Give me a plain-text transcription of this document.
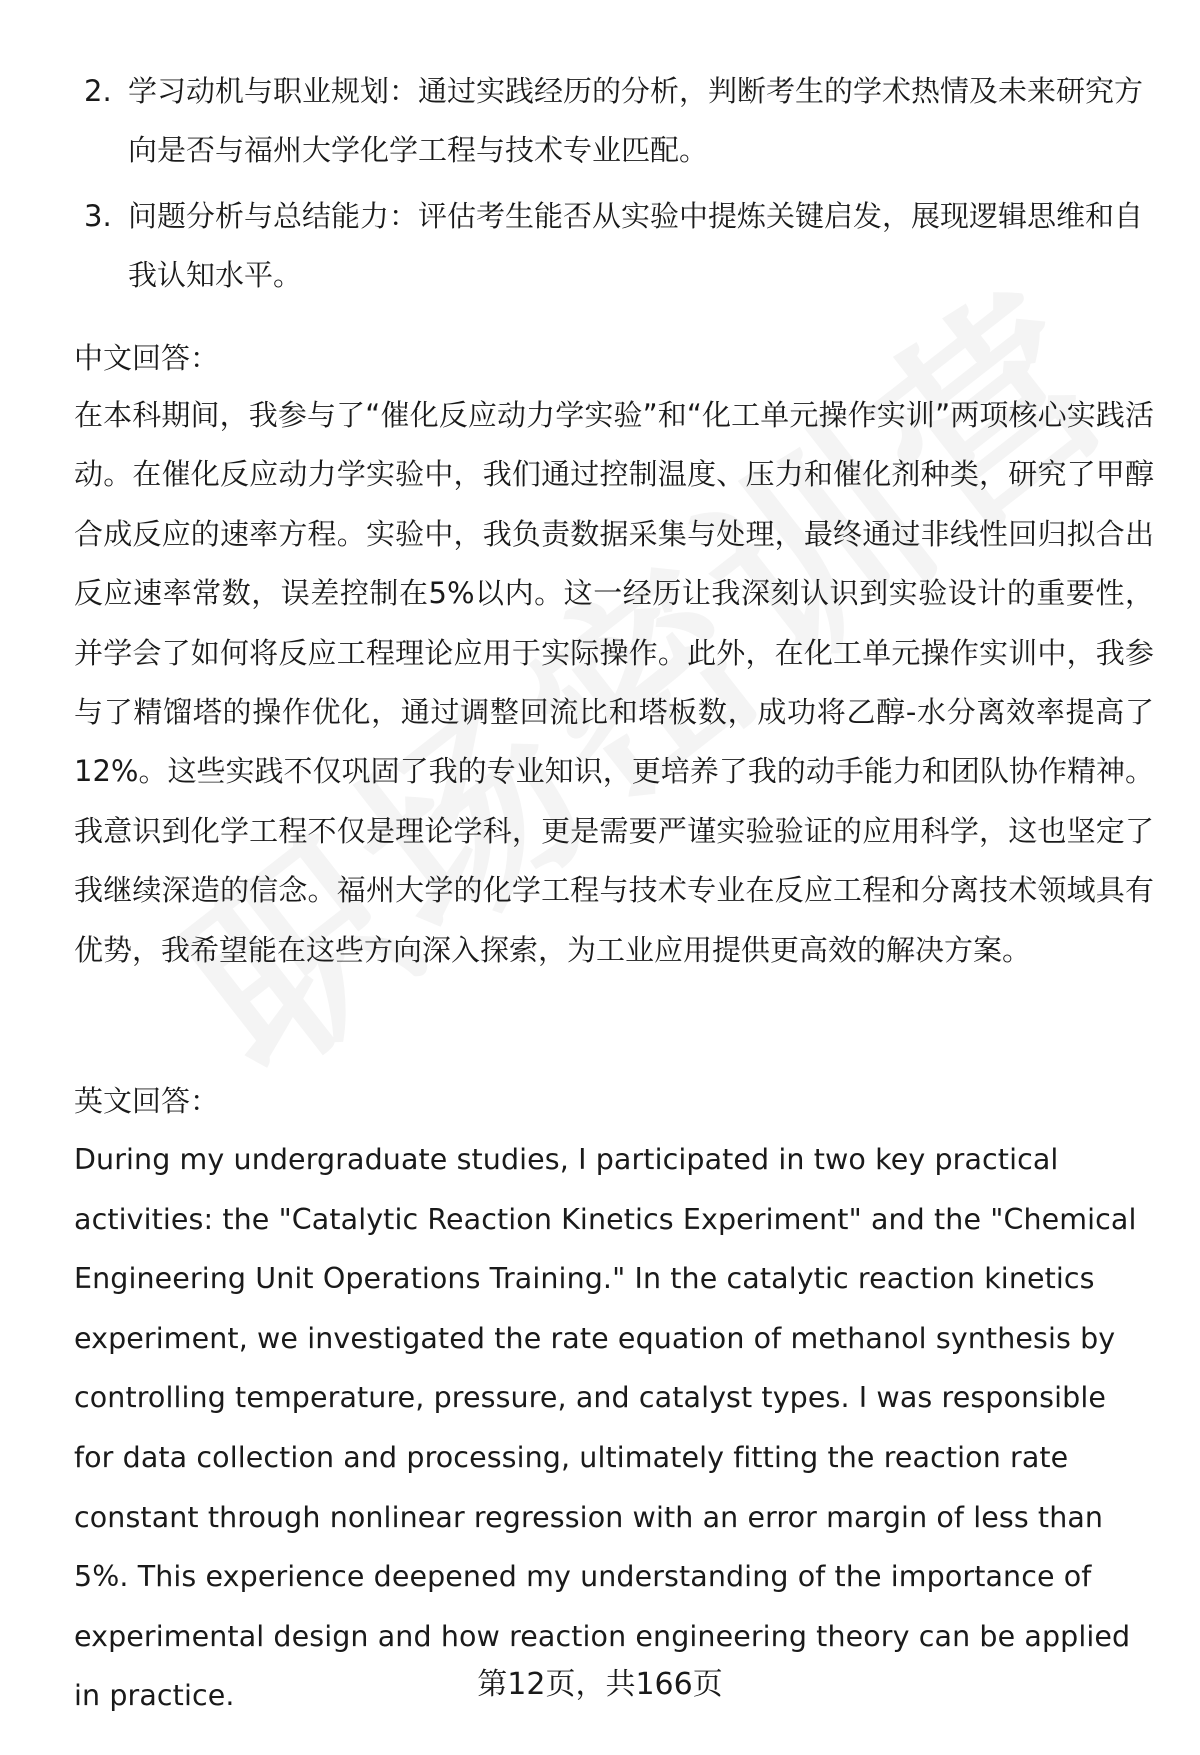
2. 学习动机与职业规划：通过实践经历的分析，判断考生的学术热情及未来研究方向是否与福州大学化学工程与技术专业匹配。
3. 问题分析与总结能力：评估考生能否从实验中提炼关键启发，展现逻辑思维和自我认知水平。
中文回答：
在本科期间，我参与了“催化反应动力学实验”和“化工单元操作实训”两项核心实践活动。在催化反应动力学实验中，我们通过控制温度、压力和催化剂种类，研究了甲醇合成反应的速率方程。实验中，我负责数据采集与处理，最终通过非线性回归拟合出反应速率常数，误差控制在5%以内。这一经历让我深刻认识到实验设计的重要性，并学会了如何将反应工程理论应用于实际操作。此外，在化工单元操作实训中，我参与了精馏塔的操作优化，通过调整回流比和塔板数，成功将乙醇-水分离效率提高了12%。这些实践不仅巩固了我的专业知识，更培养了我的动手能力和团队协作精神。我意识到化学工程不仅是理论学科，更是需要严谨实验验证的应用科学，这也坚定了我继续深造的信念。福州大学的化学工程与技术专业在反应工程和分离技术领域具有优势，我希望能在这些方向深入探索，为工业应用提供更高效的解决方案。
英文回答：
During my undergraduate studies, I participated in two key practical activities: the "Catalytic Reaction Kinetics Experiment" and the "Chemical Engineering Unit Operations Training." In the catalytic reaction kinetics experiment, we investigated the rate equation of methanol synthesis by controlling temperature, pressure, and catalyst types. I was responsible for data collection and processing, ultimately fitting the reaction rate constant through nonlinear regression with an error margin of less than 5%. This experience deepened my understanding of the importance of experimental design and how reaction engineering theory can be applied in practice.	第12页，共166页
